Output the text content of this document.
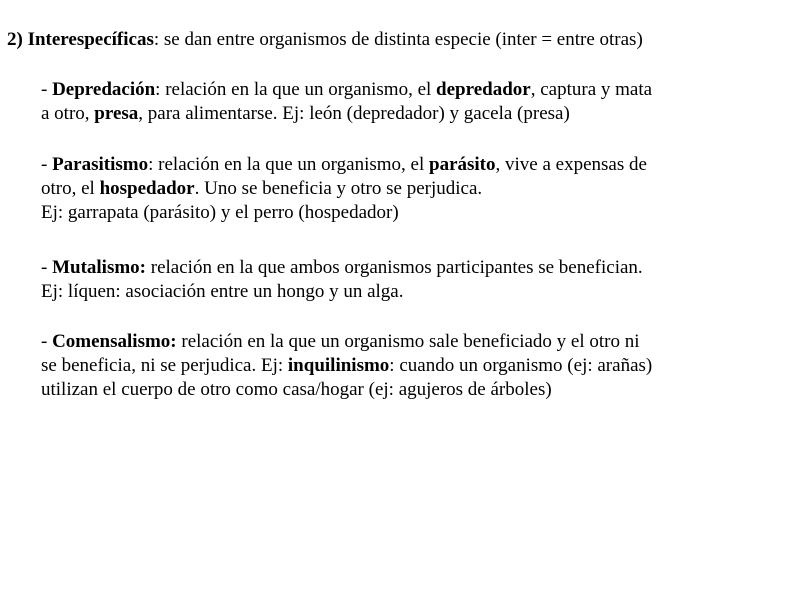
2) Interespecíficas: se dan entre organismos de distinta especie (inter = entre otras)
- Depredación: relación en la que un organismo, el depredador, captura y mata
a otro, presa, para alimentarse. Ej: león (depredador) y gacela (presa)
- Parasitismo: relación en la que un organismo, el parásito, vive a expensas de
otro, el hospedador. Uno se beneficia y otro se perjudica.
Ej: garrapata (parásito) y el perro (hospedador)
- Mutalismo: relación en la que ambos organismos participantes se benefician.
Ej: líquen: asociación entre un hongo y un alga.
- Comensalismo: relación en la que un organismo sale beneficiado y el otro ni
se beneficia, ni se perjudica. Ej: inquilinismo: cuando un organismo (ej: arañas)
utilizan el cuerpo de otro como casa/hogar (ej: agujeros de árboles)
